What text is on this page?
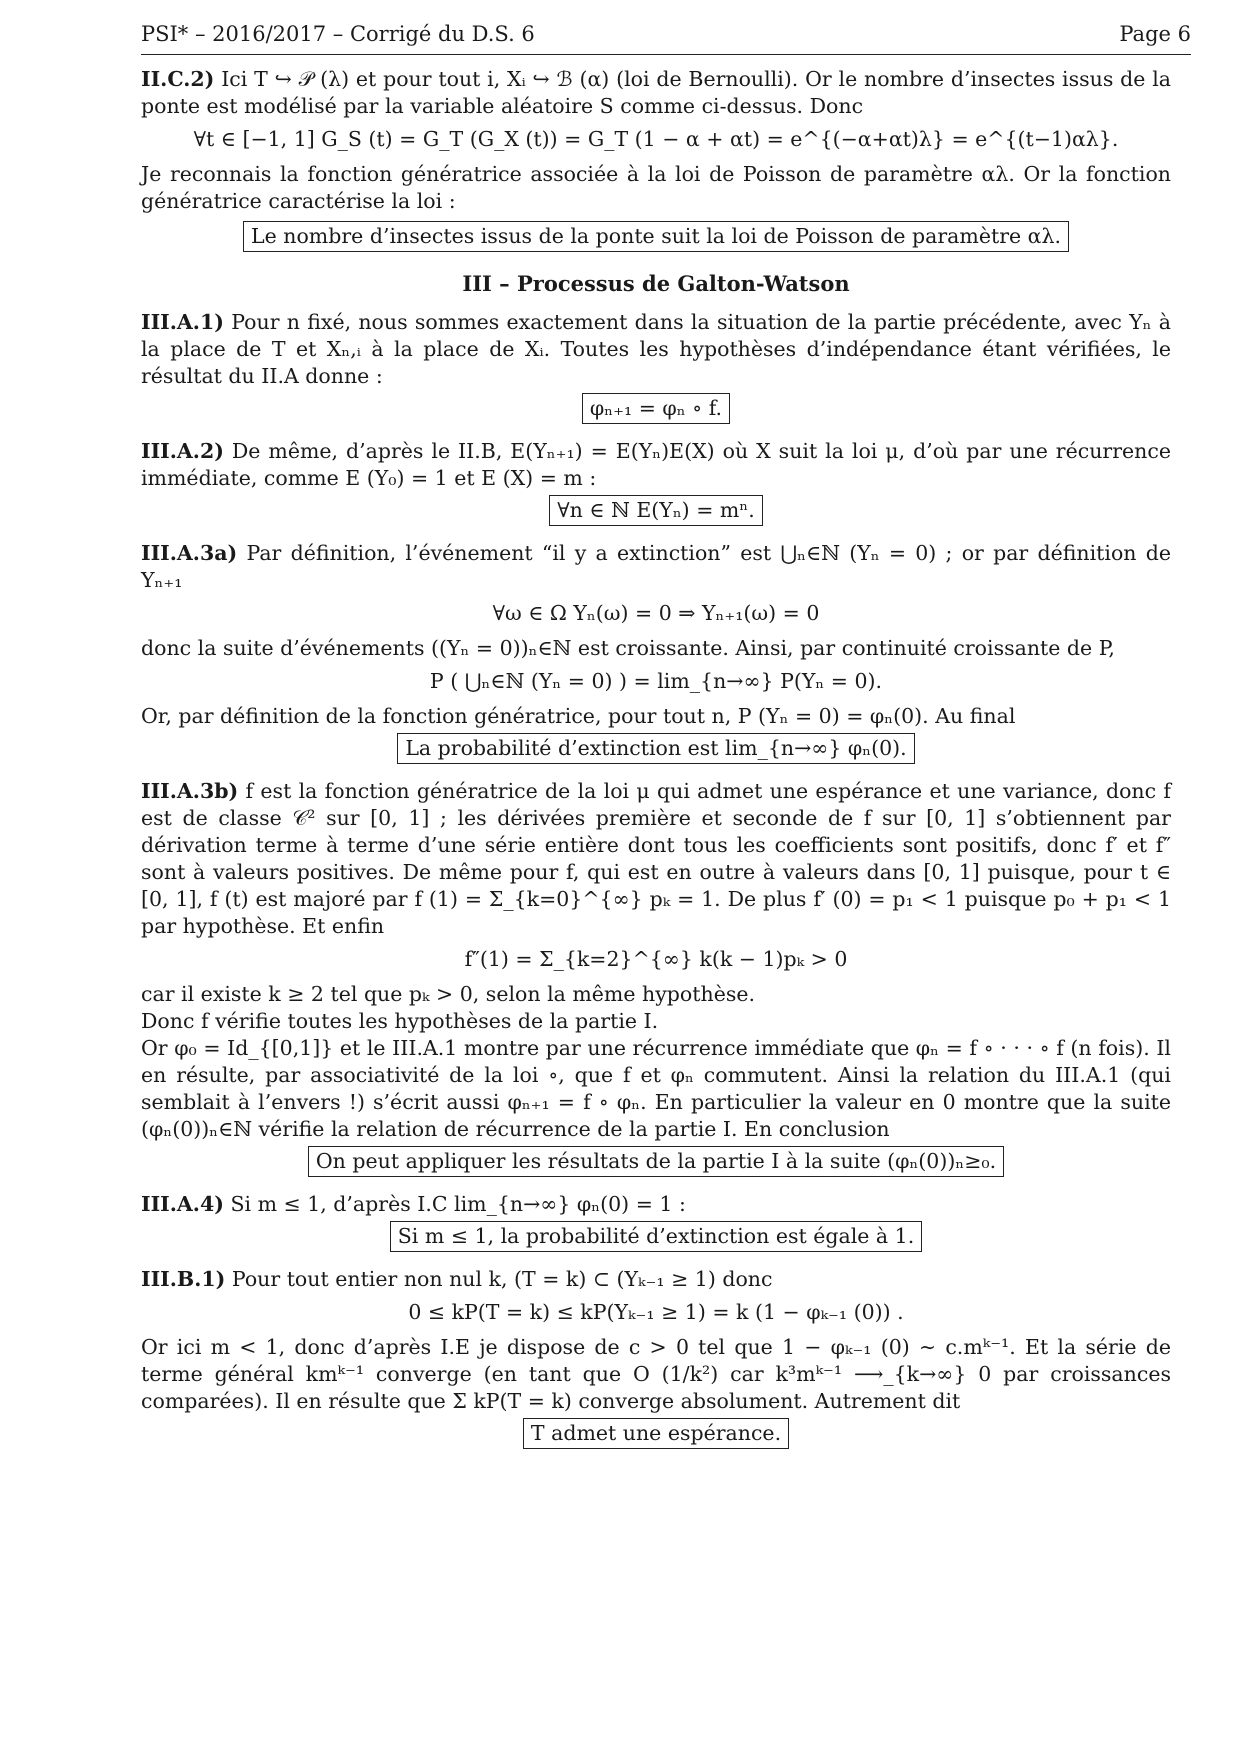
PSI* – 2016/2017 – Corrigé du D.S. 6	Page 6

II.C.2) Ici T ↪ 𝒫 (λ) et pour tout i, Xᵢ ↪ ℬ (α) (loi de Bernoulli). Or le nombre d’insectes issus de la ponte est modélisé par la variable aléatoire S comme ci-dessus. Donc

∀t ∈ [−1, 1] G_S (t) = G_T (G_X (t)) = G_T (1 − α + αt) = e^{(−α+αt)λ} = e^{(t−1)αλ}.

Je reconnais la fonction génératrice associée à la loi de Poisson de paramètre αλ. Or la fonction génératrice caractérise la loi :

Le nombre d’insectes issus de la ponte suit la loi de Poisson de paramètre αλ.
III – Processus de Galton-Watson

III.A.1) Pour n fixé, nous sommes exactement dans la situation de la partie précédente, avec Yₙ à la place de T et Xₙ,ᵢ à la place de Xᵢ. Toutes les hypothèses d’indépendance étant vérifiées, le résultat du II.A donne :

φₙ₊₁ = φₙ ∘ f.

III.A.2) De même, d’après le II.B, E(Yₙ₊₁) = E(Yₙ)E(X) où X suit la loi μ, d’où par une récurrence immédiate, comme E (Y₀) = 1 et E (X) = m :

∀n ∈ ℕ E(Yₙ) = mⁿ.

III.A.3a) Par définition, l’événement “il y a extinction” est ⋃ₙ∈ℕ (Yₙ = 0) ; or par définition de Yₙ₊₁

∀ω ∈ Ω Yₙ(ω) = 0 ⇒ Yₙ₊₁(ω) = 0

donc la suite d’événements ((Yₙ = 0))ₙ∈ℕ est croissante. Ainsi, par continuité croissante de P,

P ( ⋃ₙ∈ℕ (Yₙ = 0) ) = lim_{n→∞} P(Yₙ = 0).

Or, par définition de la fonction génératrice, pour tout n, P (Yₙ = 0) = φₙ(0). Au final

La probabilité d’extinction est lim_{n→∞} φₙ(0).

III.A.3b) f est la fonction génératrice de la loi μ qui admet une espérance et une variance, donc f est de classe 𝒞² sur [0, 1] ; les dérivées première et seconde de f sur [0, 1] s’obtiennent par dérivation terme à terme d’une série entière dont tous les coefficients sont positifs, donc f′ et f″ sont à valeurs positives. De même pour f, qui est en outre à valeurs dans [0, 1] puisque, pour t ∈ [0, 1], f (t) est majoré par f (1) = Σ_{k=0}^{∞} pₖ = 1. De plus f′ (0) = p₁ < 1 puisque p₀ + p₁ < 1 par hypothèse. Et enfin

f″(1) = Σ_{k=2}^{∞} k(k − 1)pₖ > 0

car il existe k ≥ 2 tel que pₖ > 0, selon la même hypothèse.

Donc f vérifie toutes les hypothèses de la partie I.

Or φ₀ = Id_{[0,1]} et le III.A.1 montre par une récurrence immédiate que φₙ = f ∘ · · · ∘ f (n fois). Il en résulte, par associativité de la loi ∘, que f et φₙ commutent. Ainsi la relation du III.A.1 (qui semblait à l’envers !) s’écrit aussi φₙ₊₁ = f ∘ φₙ. En particulier la valeur en 0 montre que la suite (φₙ(0))ₙ∈ℕ vérifie la relation de récurrence de la partie I. En conclusion

On peut appliquer les résultats de la partie I à la suite (φₙ(0))ₙ≥₀.

III.A.4) Si m ≤ 1, d’après I.C lim_{n→∞} φₙ(0) = 1 :

Si m ≤ 1, la probabilité d’extinction est égale à 1.

III.B.1) Pour tout entier non nul k, (T = k) ⊂ (Yₖ₋₁ ≥ 1) donc

0 ≤ kP(T = k) ≤ kP(Yₖ₋₁ ≥ 1) = k (1 − φₖ₋₁ (0)) .

Or ici m < 1, donc d’après I.E je dispose de c > 0 tel que 1 − φₖ₋₁ (0) ∼ c.mᵏ⁻¹. Et la série de terme général kmᵏ⁻¹ converge (en tant que O (1/k²) car k³mᵏ⁻¹ ⟶_{k→∞} 0 par croissances comparées). Il en résulte que Σ kP(T = k) converge absolument. Autrement dit

T admet une espérance.
